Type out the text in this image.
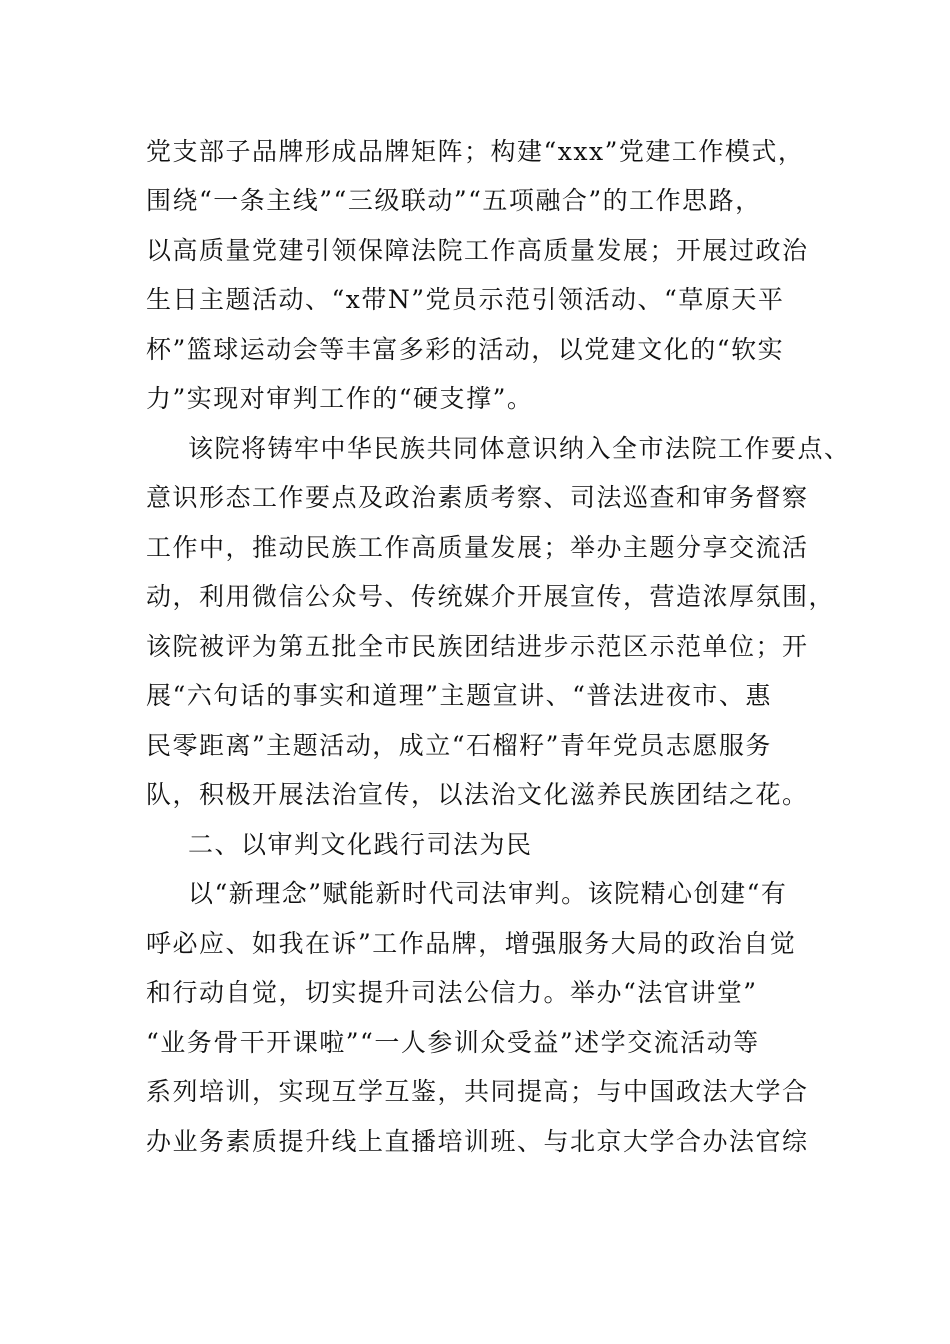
党支部子品牌形成品牌矩阵；构建“xxx”党建工作模式，
围绕“一条主线”“三级联动”“五项融合”的工作思路，
以高质量党建引领保障法院工作高质量发展；开展过政治
生日主题活动、“x带N”党员示范引领活动、“草原天平
杯”篮球运动会等丰富多彩的活动，以党建文化的“软实
力”实现对审判工作的“硬支撑”。
该院将铸牢中华民族共同体意识纳入全市法院工作要点、
意识形态工作要点及政治素质考察、司法巡查和审务督察
工作中，推动民族工作高质量发展；举办主题分享交流活
动，利用微信公众号、传统媒介开展宣传，营造浓厚氛围，
该院被评为第五批全市民族团结进步示范区示范单位；开
展“六句话的事实和道理”主题宣讲、“普法进夜市、惠
民零距离”主题活动，成立“石榴籽”青年党员志愿服务
队，积极开展法治宣传，以法治文化滋养民族团结之花。
二、以审判文化践行司法为民
以“新理念”赋能新时代司法审判。该院精心创建“有
呼必应、如我在诉”工作品牌，增强服务大局的政治自觉
和行动自觉，切实提升司法公信力。举办“法官讲堂”
“业务骨干开课啦”“一人参训众受益”述学交流活动等
系列培训，实现互学互鉴，共同提高；与中国政法大学合
办业务素质提升线上直播培训班、与北京大学合办法官综
